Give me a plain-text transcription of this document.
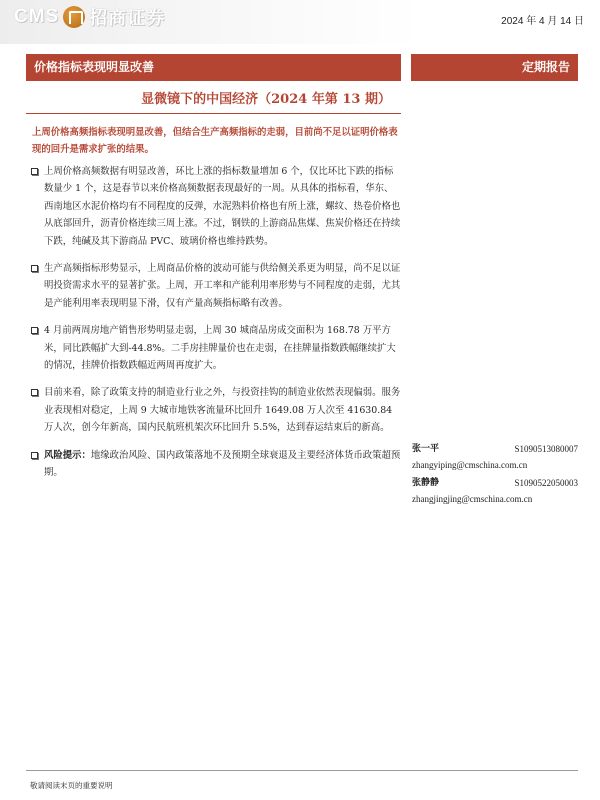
CMS 招商证券	2024 年 4 月 14 日
价格指标表现明显改善	定期报告
显微镜下的中国经济（2024 年第 13 期）
上周价格高频指标表现明显改善，但结合生产高频指标的走弱，目前尚不足以证明价格表现的回升是需求扩张的结果。
上周价格高频数据有明显改善，环比上涨的指标数量增加 6 个，仅比环比下跌的指标数量少 1 个，这是春节以来价格高频数据表现最好的一周。从具体的指标看，华东、西南地区水泥价格均有不同程度的反弹，水泥熟料价格也有所上涨，螺纹、热卷价格也从底部回升，沥青价格连续三周上涨。不过，钢铁的上游商品焦煤、焦炭价格还在持续下跌，纯碱及其下游商品 PVC、玻璃价格也维持跌势。
生产高频指标形势显示，上周商品价格的波动可能与供给侧关系更为明显，尚不足以证明投资需求水平的显著扩张。上周，开工率和产能利用率形势与不同程度的走弱，尤其是产能利用率表现明显下滑，仅有产量高频指标略有改善。
4 月前两周房地产销售形势明显走弱，上周 30 城商品房成交面积为 168.78 万平方米，同比跌幅扩大到-44.8%。二手房挂牌量价也在走弱，在挂牌量指数跌幅继续扩大的情况，挂牌价指数跌幅近两周再度扩大。
目前来看，除了政策支持的制造业行业之外，与投资挂钩的制造业依然表现偏弱。服务业表现相对稳定，上周 9 大城市地铁客流量环比回升 1649.08 万人次至 41630.84 万人次，创今年新高，国内民航班机架次环比回升 5.5%，达到春运结束后的新高。
风险提示：地缘政治风险、国内政策落地不及预期全球衰退及主要经济体货币政策超预期。
张一平	S1090513080007
zhangyiping@cmschina.com.cn
张静静	S1090522050003
zhangjingjing@cmschina.com.cn
敬请阅读末页的重要说明
